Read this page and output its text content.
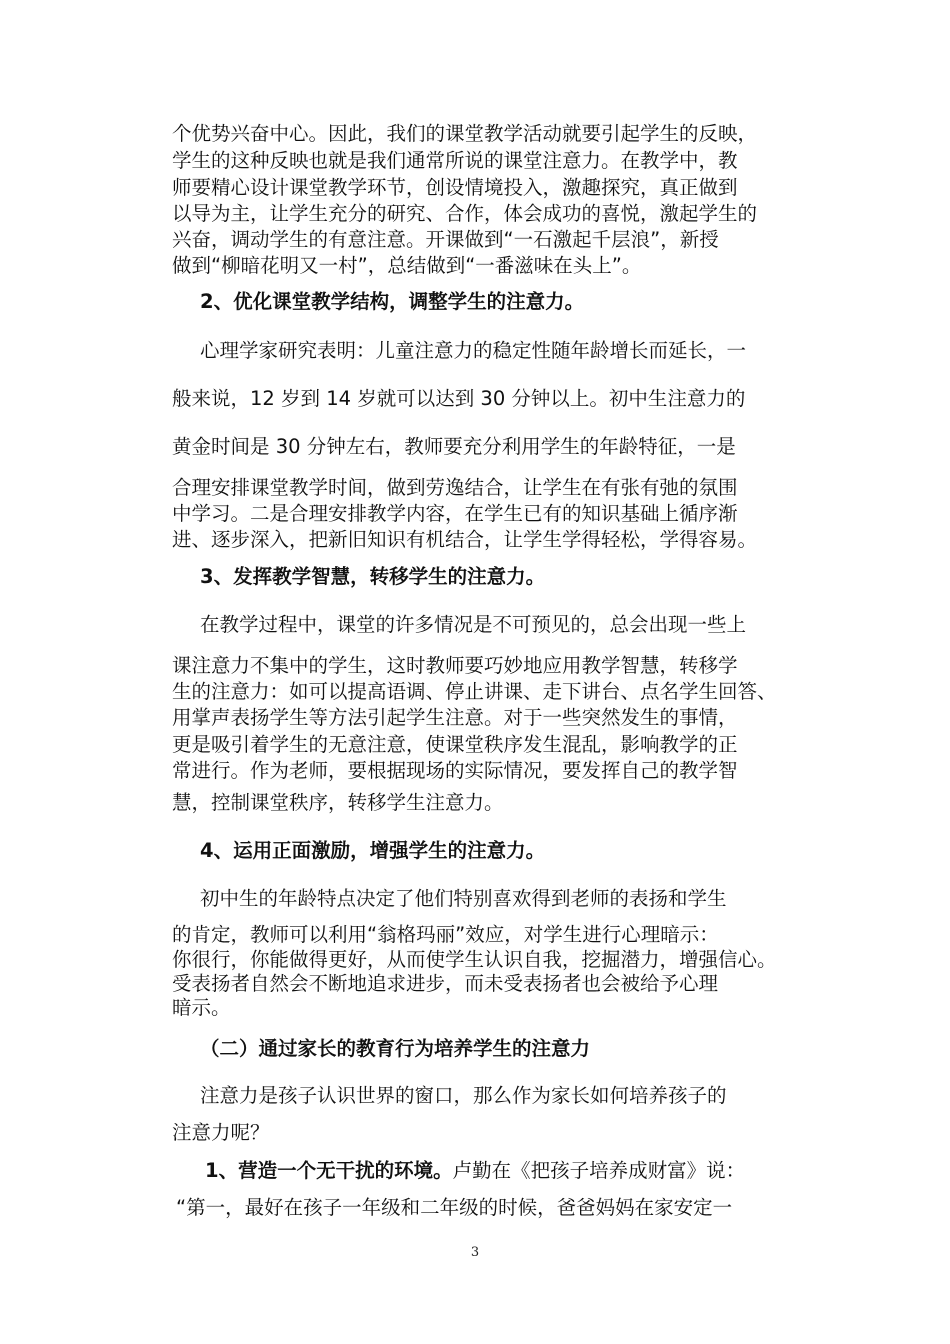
个优势兴奋中心。因此，我们的课堂教学活动就要引起学生的反映，
学生的这种反映也就是我们通常所说的课堂注意力。在教学中，教
师要精心设计课堂教学环节，创设情境投入，激趣探究，真正做到
以导为主，让学生充分的研究、合作，体会成功的喜悦，激起学生的
兴奋，调动学生的有意注意。开课做到“一石激起千层浪”，新授
做到“柳暗花明又一村”，总结做到“一番滋味在头上”。
2、优化课堂教学结构，调整学生的注意力。
心理学家研究表明：儿童注意力的稳定性随年龄增长而延长，一
般来说，12 岁到 14 岁就可以达到 30 分钟以上。初中生注意力的
黄金时间是 30 分钟左右，教师要充分利用学生的年龄特征，一是
合理安排课堂教学时间，做到劳逸结合，让学生在有张有弛的氛围
中学习。二是合理安排教学内容，在学生已有的知识基础上循序渐
进、逐步深入，把新旧知识有机结合，让学生学得轻松，学得容易。
3、发挥教学智慧，转移学生的注意力。
在教学过程中，课堂的许多情况是不可预见的，总会出现一些上
课注意力不集中的学生，这时教师要巧妙地应用教学智慧，转移学
生的注意力：如可以提高语调、停止讲课、走下讲台、点名学生回答、
用掌声表扬学生等方法引起学生注意。对于一些突然发生的事情，
更是吸引着学生的无意注意，使课堂秩序发生混乱，影响教学的正
常进行。作为老师，要根据现场的实际情况，要发挥自己的教学智
慧，控制课堂秩序，转移学生注意力。
4、运用正面激励，增强学生的注意力。
初中生的年龄特点决定了他们特别喜欢得到老师的表扬和学生
的肯定，教师可以利用“翁格玛丽”效应，对学生进行心理暗示：
你很行，你能做得更好，从而使学生认识自我，挖掘潜力，增强信心。
受表扬者自然会不断地追求进步，而未受表扬者也会被给予心理
暗示。
（二）通过家长的教育行为培养学生的注意力
注意力是孩子认识世界的窗口，那么作为家长如何培养孩子的
注意力呢？
1、营造一个无干扰的环境。卢勤在《把孩子培养成财富》说：
“第一，最好在孩子一年级和二年级的时候，爸爸妈妈在家安定一
3
